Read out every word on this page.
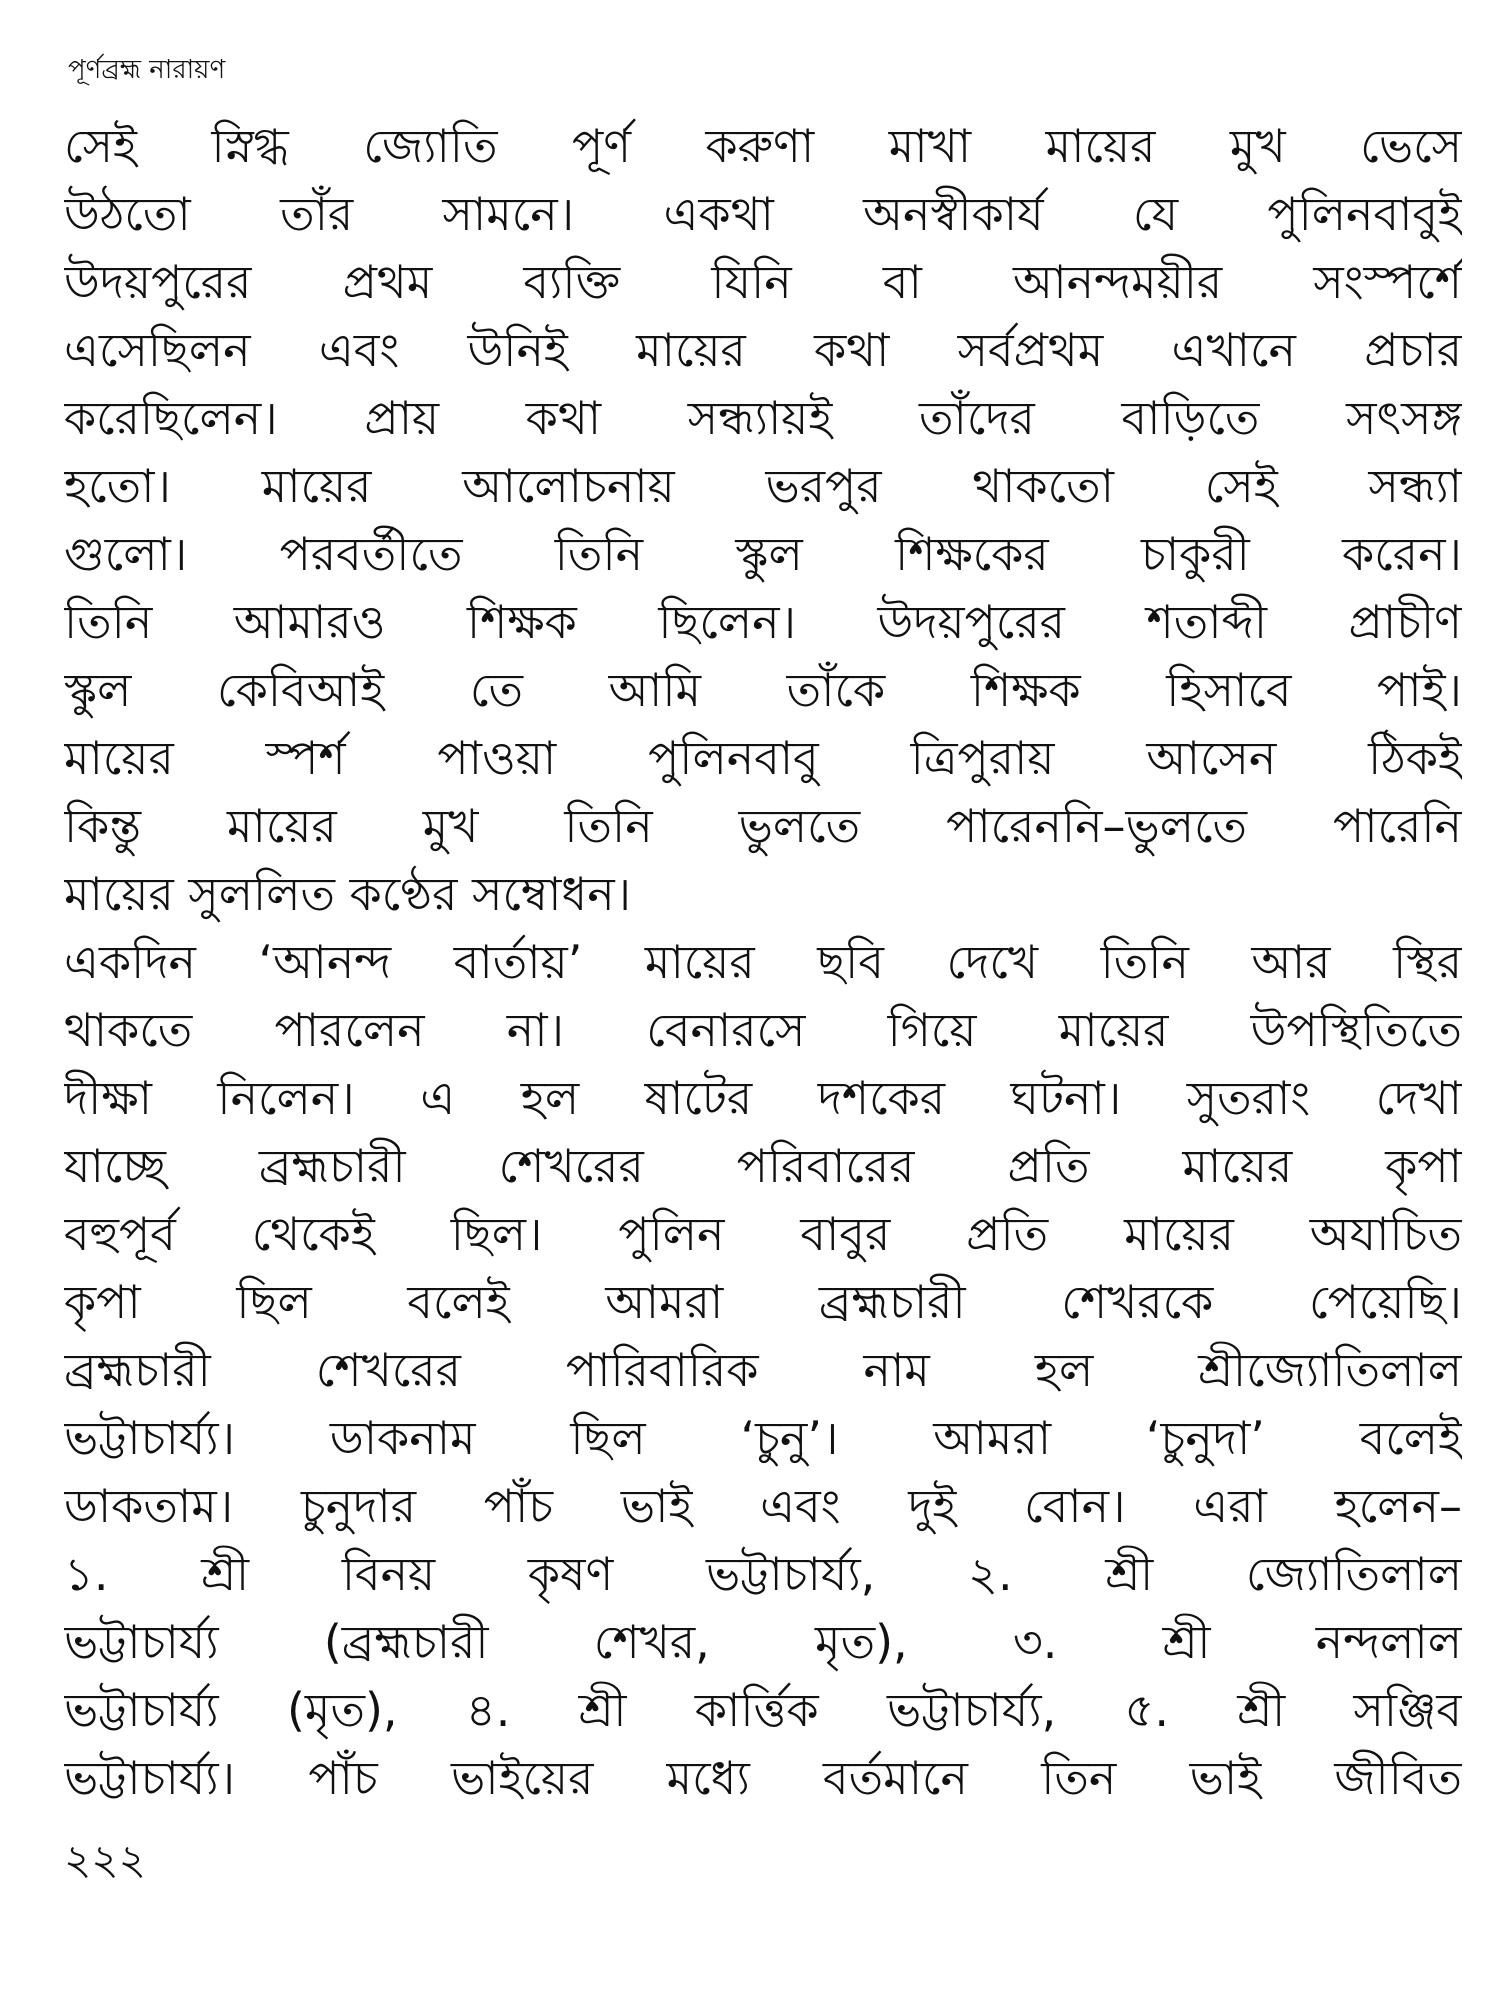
পূর্ণব্রহ্ম নারায়ণ
সেই স্নিগ্ধ জ্যোতি পূর্ণ করুণা মাখা মায়ের মুখ ভেসে
উঠতো তাঁর সামনে। একথা অনস্বীকার্য যে পুলিনবাবুই
উদয়পুরের প্রথম ব্যক্তি যিনি বা আনন্দময়ীর সংস্পর্শে
এসেছিলন এবং উনিই মায়ের কথা সর্বপ্রথম এখানে প্রচার
করেছিলেন। প্রায় কথা সন্ধ্যায়ই তাঁদের বাড়িতে সৎসঙ্গ
হতো। মায়ের আলোচনায় ভরপুর থাকতো সেই সন্ধ্যা
গুলো। পরবর্তীতে তিনি স্কুল শিক্ষকের চাকুরী করেন।
তিনি আমারও শিক্ষক ছিলেন। উদয়পুরের শতাব্দী প্রাচীণ
স্কুল কেবিআই তে আমি তাঁকে শিক্ষক হিসাবে পাই।
মায়ের স্পর্শ পাওয়া পুলিনবাবু ত্রিপুরায় আসেন ঠিকই
কিন্তু মায়ের মুখ তিনি ভুলতে পারেননি–ভুলতে পারেনি
মায়ের সুললিত কণ্ঠের সম্বোধন।
একদিন ‘আনন্দ বার্তায়’ মায়ের ছবি দেখে তিনি আর স্থির
থাকতে পারলেন না। বেনারসে গিয়ে মায়ের উপস্থিতিতে
দীক্ষা নিলেন। এ হল ষাটের দশকের ঘটনা। সুতরাং দেখা
যাচ্ছে ব্রহ্মচারী শেখরের পরিবারের প্রতি মায়ের কৃপা
বহুপূর্ব থেকেই ছিল। পুলিন বাবুর প্রতি মায়ের অযাচিত
কৃপা ছিল বলেই আমরা ব্রহ্মচারী শেখরকে পেয়েছি।
ব্রহ্মচারী শেখরের পারিবারিক নাম হল শ্রীজ্যোতিলাল
ভট্টাচার্য্য। ডাকনাম ছিল ‘চুনু’। আমরা ‘চুনুদা’ বলেই
ডাকতাম। চুনুদার পাঁচ ভাই এবং দুই বোন। এরা হলেন–
১. শ্রী বিনয় কৃষণ ভট্টাচার্য্য, ২. শ্রী জ্যোতিলাল
ভট্টাচার্য্য (ব্রহ্মচারী শেখর, মৃত), ৩. শ্রী নন্দলাল
ভট্টাচার্য্য (মৃত), ৪. শ্রী কার্ত্তিক ভট্টাচার্য্য, ৫. শ্রী সঞ্জিব
ভট্টাচার্য্য। পাঁচ ভাইয়ের মধ্যে বর্তমানে তিন ভাই জীবিত
২২২
